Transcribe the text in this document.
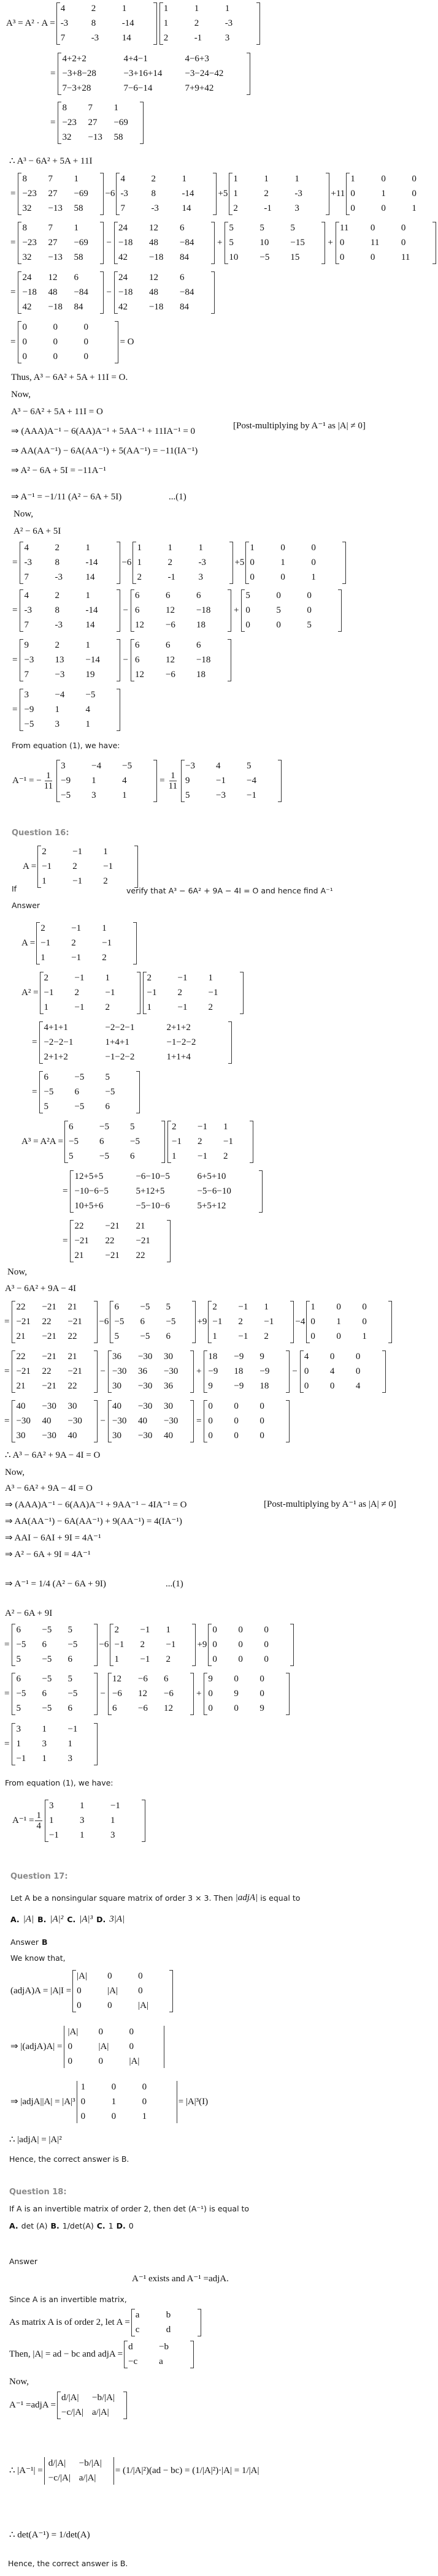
A³ = A² · A =
4	2	1
-3	8	-14
7	-3	14
1	1	1
1	2	-3
2	-1	3
=
4+2+2	4+4−1	4−6+3
−3+8−28	−3+16+14	−3−24−42
7−3+28	7−6−14	7+9+42
=
8	7	1
−23	27	−69
32	−13	58
∴ A³ − 6A² + 5A + 11I
=
8	7	1
−23	27	−69
32	−13	58
−6
4	2	1
-3	8	-14
7	-3	14
+5
1	1	1
1	2	-3
2	-1	3
+11
1	0	0
0	1	0
0	0	1
=
8	7	1
−23	27	−69
32	−13	58
−
24	12	6
−18	48	−84
42	−18	84
+
5	5	5
5	10	−15
10	−5	15
+
11	0	0
0	11	0
0	0	11
=
24	12	6
−18	48	−84
42	−18	84
−
24	12	6
−18	48	−84
42	−18	84
=
0	0	0
0	0	0
0	0	0
= O
Thus, A³ − 6A² + 5A + 11I = O.
Now,
A³ − 6A² + 5A + 11I = O
⇒ (AAA)A⁻¹ − 6(AA)A⁻¹ + 5AA⁻¹ + 11IA⁻¹ = 0
⇒ AA(AA⁻¹) − 6A(AA⁻¹) + 5(AA⁻¹) = −11(IA⁻¹)
⇒ A² − 6A + 5I = −11A⁻¹
[Post-multiplying by A⁻¹ as |A| ≠ 0]
⇒ A⁻¹ = −1/11 (A² − 6A + 5I)	...(1)
Now,
A² − 6A + 5I
=
4	2	1
-3	8	-14
7	-3	14
−6
1	1	1
1	2	-3
2	-1	3
+5
1	0	0
0	1	0
0	0	1
=
4	2	1
-3	8	-14
7	-3	14
−
6	6	6
6	12	−18
12	−6	18
+
5	0	0
0	5	0
0	0	5
=
9	2	1
−3	13	−14
7	−3	19
−
6	6	6
6	12	−18
12	−6	18
=
3	−4	−5
−9	1	4
−5	3	1
From equation (1), we have:
A⁻¹ = − $\frac{1}{11}$
3	−4	−5
−9	1	4
−5	3	1
= $\frac{1}{11}$
−3	4	5
9	−1	−4
5	−3	−1
Question 16:
If
A =
2	−1	1
−1	2	−1
1	−1	2
verify that A³ − 6A² + 9A − 4I = O and hence find A⁻¹
Answer
A =
2	−1	1
−1	2	−1
1	−1	2
A² =
2	−1	1
−1	2	−1
1	−1	2
2	−1	1
−1	2	−1
1	−1	2
=
4+1+1	−2−2−1	2+1+2
−2−2−1	1+4+1	−1−2−2
2+1+2	−1−2−2	1+1+4
=
6	−5	5
−5	6	−5
5	−5	6
A³ = A²A =
6	−5	5
−5	6	−5
5	−5	6
2	−1	1
−1	2	−1
1	−1	2
=
12+5+5	−6−10−5	6+5+10
−10−6−5	5+12+5	−5−6−10
10+5+6	−5−10−6	5+5+12
=
22	−21	21
−21	22	−21
21	−21	22
Now,
A³ − 6A² + 9A − 4I
=
22	−21	21
−21	22	−21
21	−21	22
−6
6	−5	5
−5	6	−5
5	−5	6
+9
2	−1	1
−1	2	−1
1	−1	2
−4
1	0	0
0	1	0
0	0	1
=
22	−21	21
−21	22	−21
21	−21	22
−
36	−30	30
−30	36	−30
30	−30	36
+
18	−9	9
−9	18	−9
9	−9	18
−
4	0	0
0	4	0
0	0	4
=
40	−30	30
−30	40	−30
30	−30	40
−
40	−30	30
−30	40	−30
30	−30	40
=
0	0	0
0	0	0
0	0	0
∴ A³ − 6A² + 9A − 4I = O
Now,
A³ − 6A² + 9A − 4I = O
⇒ (AAA)A⁻¹ − 6(AA)A⁻¹ + 9AA⁻¹ − 4IA⁻¹ = O
⇒ AA(AA⁻¹) − 6A(AA⁻¹) + 9(AA⁻¹) = 4(IA⁻¹)
⇒ AAI − 6AI + 9I = 4A⁻¹
⇒ A² − 6A + 9I = 4A⁻¹
[Post-multiplying by A⁻¹ as |A| ≠ 0]
⇒ A⁻¹ = 1/4 (A² − 6A + 9I)	...(1)
A² − 6A + 9I
=
6	−5	5
−5	6	−5
5	−5	6
−6
2	−1	1
−1	2	−1
1	−1	2
+9
0	0	0
0	0	0
0	0	0
=
6	−5	5
−5	6	−5
5	−5	6
−
12	−6	6
−6	12	−6
6	−6	12
+
9	0	0
0	9	0
0	0	9
=
3	1	−1
1	3	1
−1	1	3
From equation (1), we have:
$A^{-1} = \frac{1}{4}$
3	1	−1
1	3	1
−1	1	3
Question 17:
Let A be a nonsingular square matrix of order 3 × 3. Then |adjA| is equal to
A. |A| B. |A|² C. |A|³ D. 3|A|
Answer B
We know that,
(adjA)A = |A|I =
|A|	0	0
0	|A|	0
0	0	|A|
⇒ |(adjA)A| =
|A|	0	0
0	|A|	0
0	0	|A|
⇒ |adjA||A| = |A|³
1	0	0
0	1	0
0	0	1
= |A|³(I)
∴ |adjA| = |A|²
Hence, the correct answer is B.
Question 18:
If A is an invertible matrix of order 2, then det (A⁻¹) is equal to
A. det (A) B. 1/det(A) C. 1 D. 0
Answer
A⁻¹ exists and A⁻¹ = adjA.
Since A is an invertible matrix,
As matrix A is of order 2, let A =
a	b
c	d
Then, |A| = ad − bc and adjA =
d	−b
−c	a
Now,
A⁻¹ = adjA =
d/|A|	−b/|A|
−c/|A| a/|A|
∴ |A⁻¹| =
d/|A|	−b/|A|
−c/|A| a/|A|
= (1/|A|²)(ad − bc) = (1/|A|²)·|A| = 1/|A|
∴ det(A⁻¹) = 1/det(A)
Hence, the correct answer is B.
